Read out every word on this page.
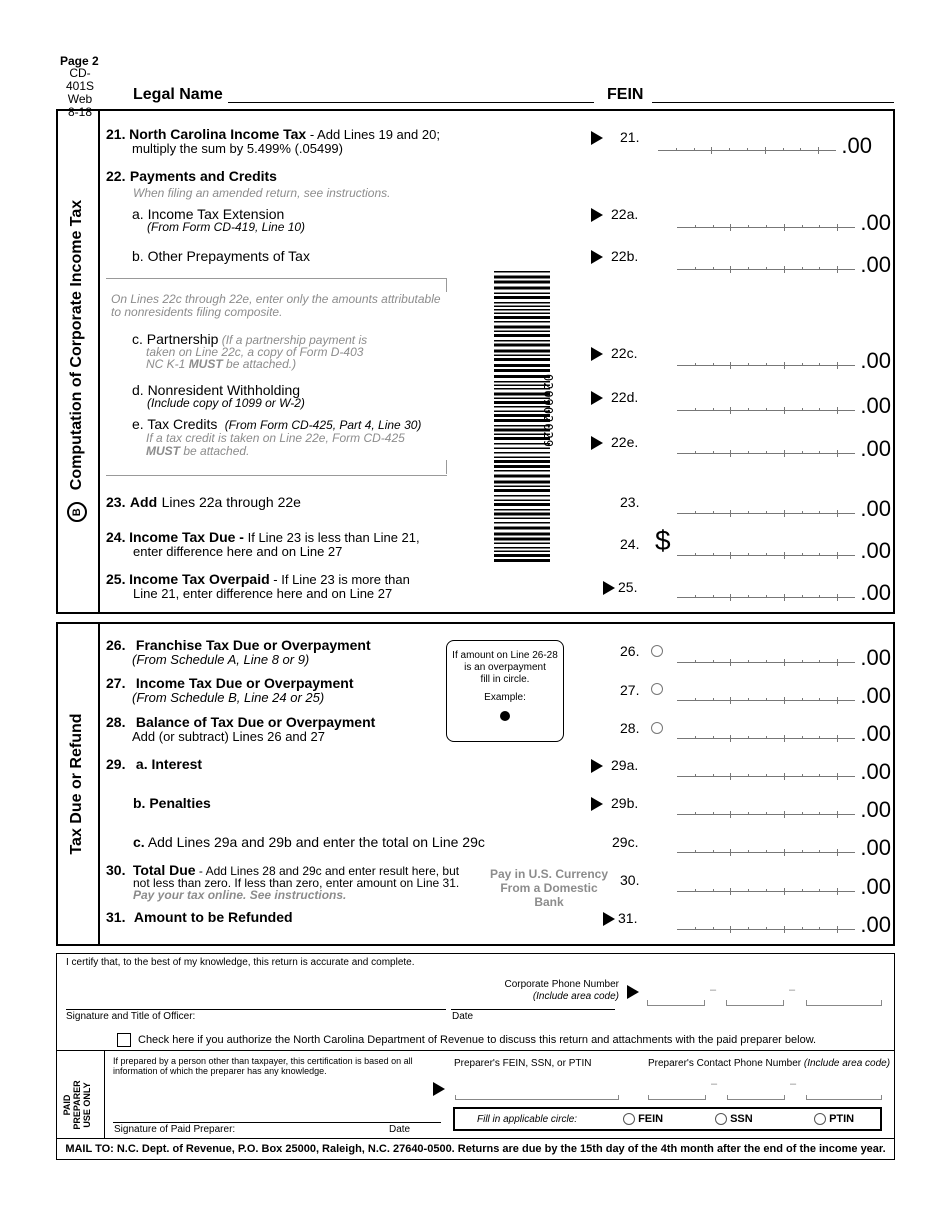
Page 2
CD-401S
Web
8-18
Legal Name	FEIN
BComputation of Corporate Income Tax
21. North Carolina Income Tax - Add Lines 19 and 20;
multiply the sum by 5.499% (.05499)
21.	.00
22. Payments and Credits
When filing an amended return, see instructions.
a. Income Tax Extension
(From Form CD-419, Line 10)
22a.	.00
b. Other Prepayments of Tax	22b.	.00
On Lines 22c through 22e, enter only the amounts attributable
to nonresidents filing composite.
c. Partnership (If a partnership payment is
taken on Line 22c, a copy of Form D-403
NC K-1 MUST be attached.)
22c.	.00
d. Nonresident Withholding
(Include copy of 1099 or W-2)	22d.	.00
e. Tax Credits (From Form CD-425, Part 4, Line 30)
If a tax credit is taken on Line 22e, Form CD-425
MUST be attached.
22e.	.00
020902029
23. Add Lines 22a through 22e	23.	.00
24. Income Tax Due - If Line 23 is less than Line 21,
enter difference here and on Line 27	24. $	.00
25. Income Tax Overpaid - If Line 23 is more than
Line 21, enter difference here and on Line 27	25.	.00
Tax Due or Refund
26. Franchise Tax Due or Overpayment
(From Schedule A, Line 8 or 9)
26.	.00
If amount on Line 26-28
is an overpayment
fill in circle.
Example:
27. Income Tax Due or Overpayment
(From Schedule B, Line 24 or 25)	27.	.00
28. Balance of Tax Due or Overpayment
Add (or subtract) Lines 26 and 27
28.	.00
29. a. Interest	29a.	.00
b. Penalties	29b.	.00
c. Add Lines 29a and 29b and enter the total on Line 29c	29c.	.00
30. Total Due - Add Lines 28 and 29c and enter result here, but
not less than zero. If less than zero, enter amount on Line 31.
Pay your tax online. See instructions.
Pay in U.S. Currency
From a Domestic Bank
30.	.00
31. Amount to be Refunded	31.	.00
I certify that, to the best of my knowledge, this return is accurate and complete.
Corporate Phone Number
(Include area code)
–	–
Signature and Title of Officer:	Date
Check here if you authorize the North Carolina Department of Revenue to discuss this return and attachments with the paid preparer below.
PAID PREPARER USE ONLY
If prepared by a person other than taxpayer, this certification is based on all
information of which the preparer has any knowledge.
Preparer's FEIN, SSN, or PTIN	Preparer's Contact Phone Number (Include area code)
–	–
Signature of Paid Preparer:	Date
Fill in applicable circle:	FEIN	SSN	PTIN
MAIL TO: N.C. Dept. of Revenue, P.O. Box 25000, Raleigh, N.C. 27640-0500. Returns are due by the 15th day of the 4th month after the end of the income year.
